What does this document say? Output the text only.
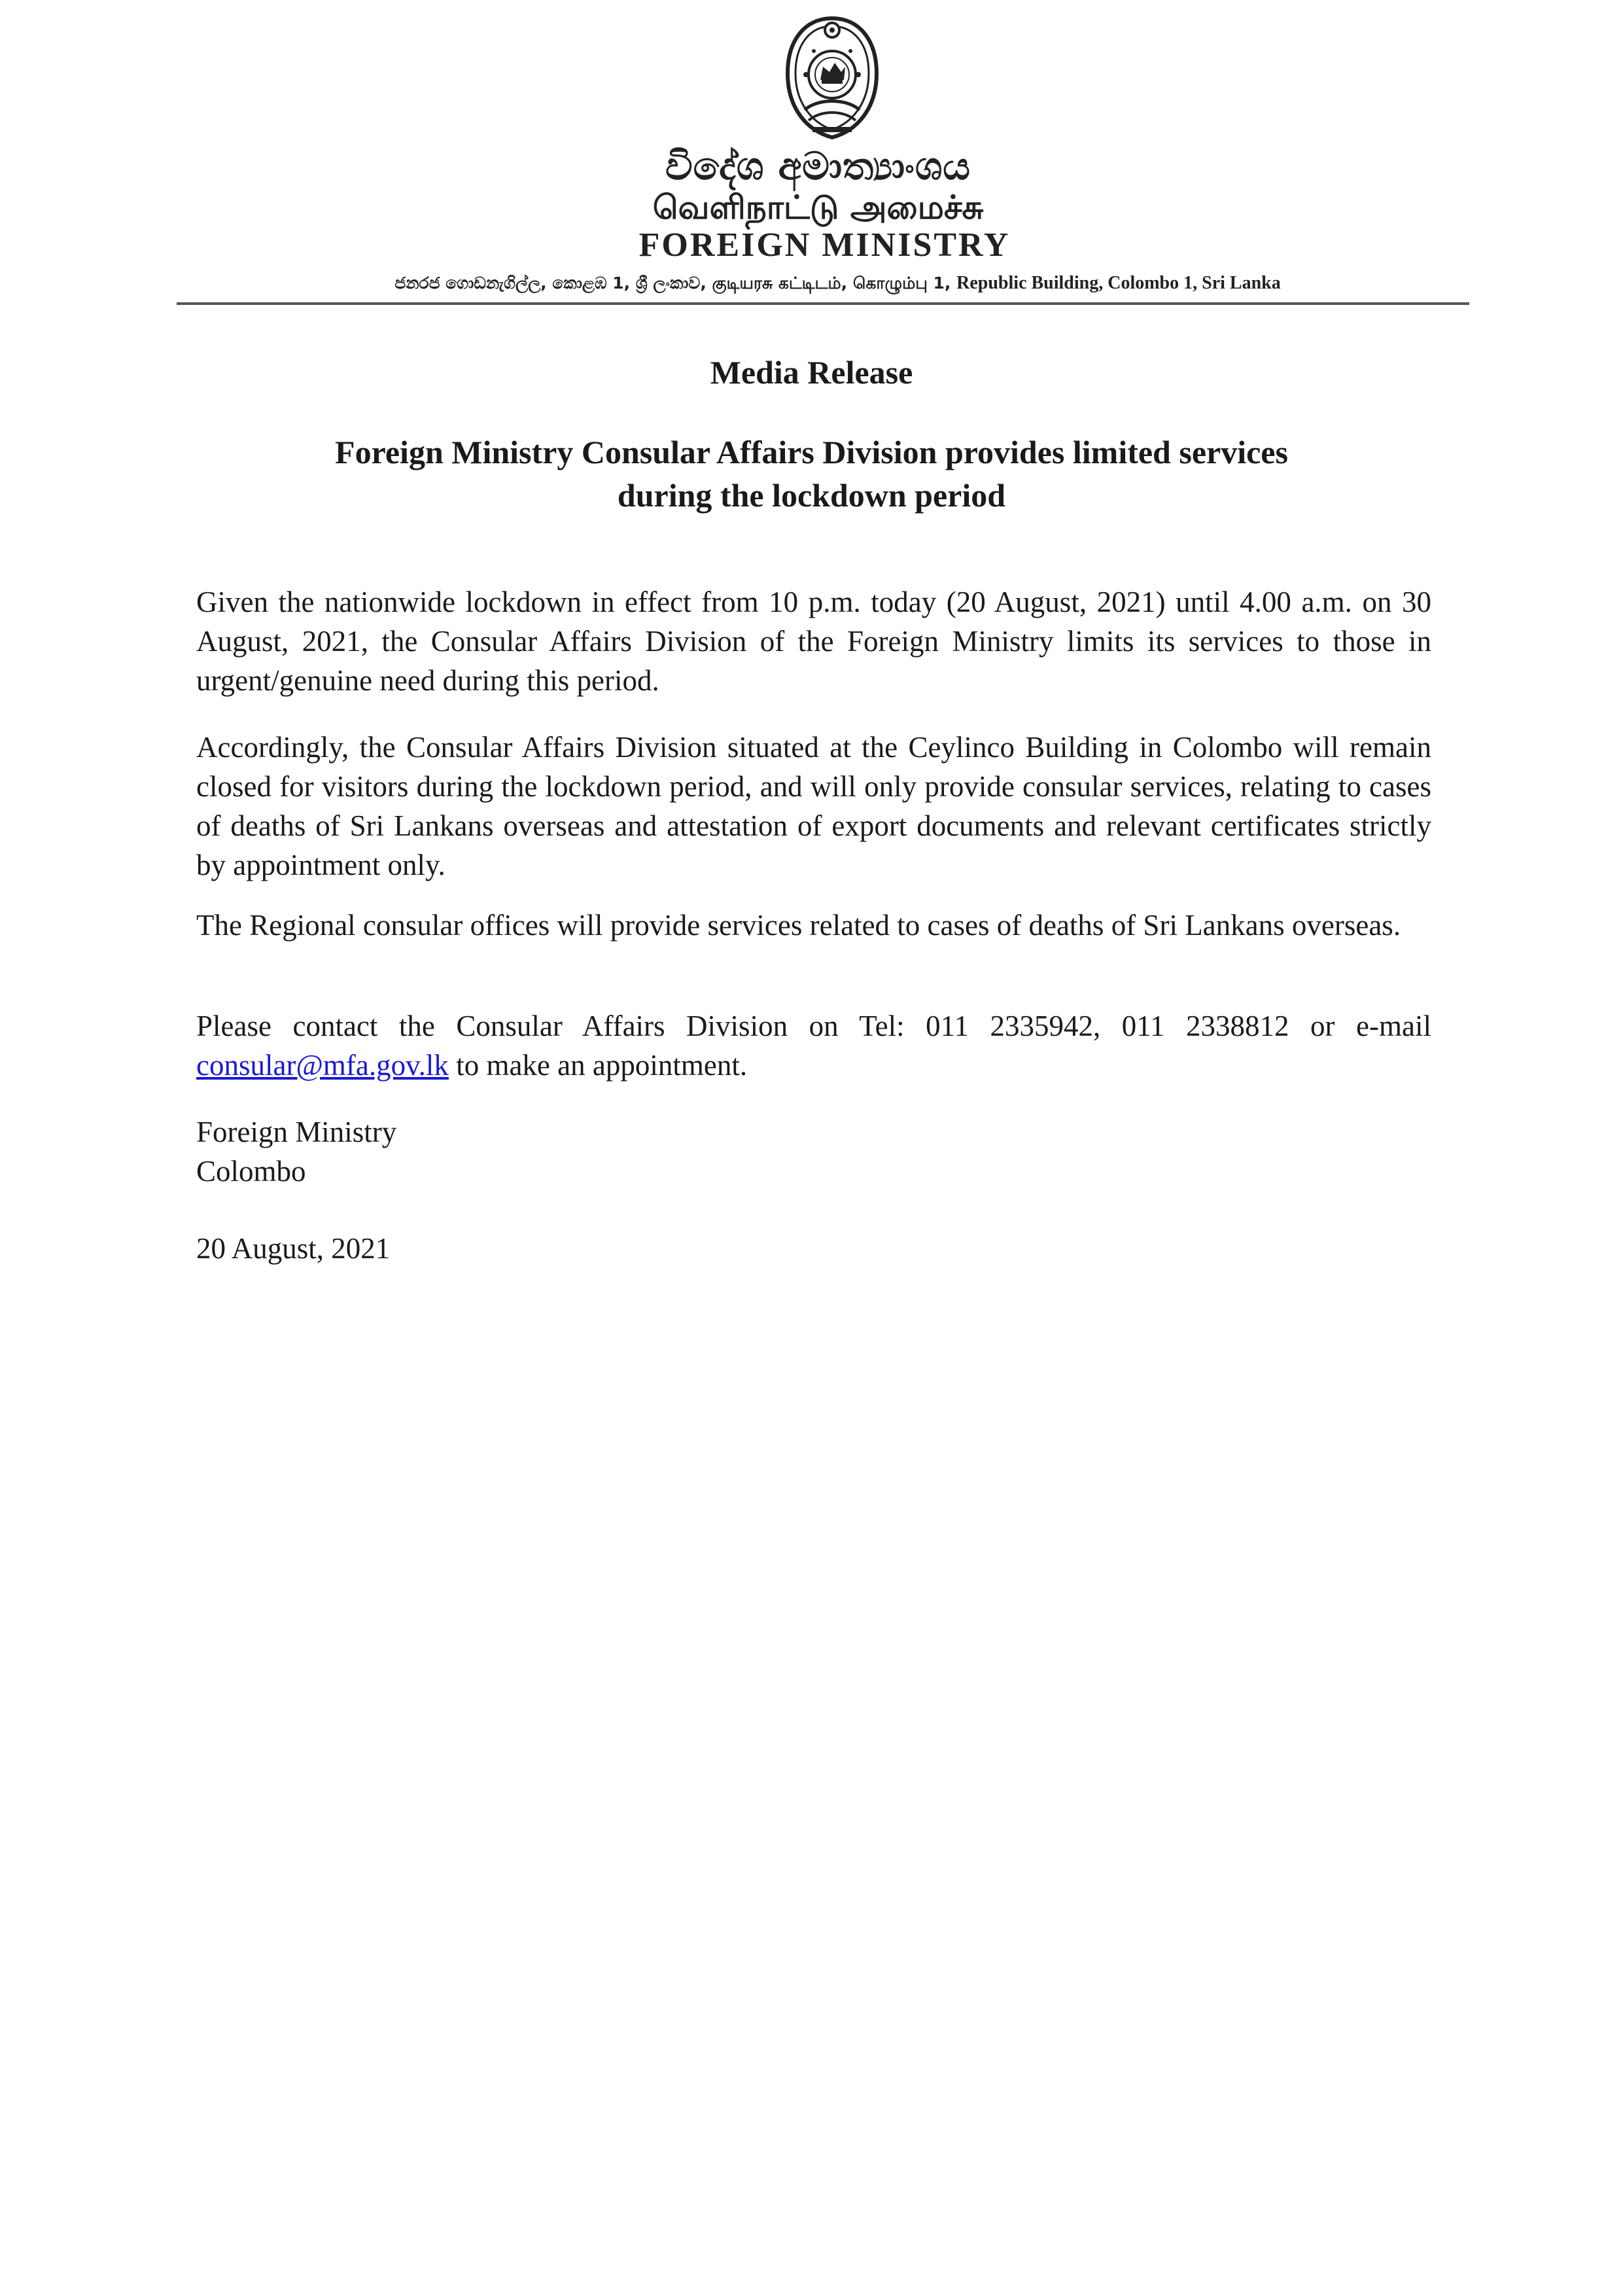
විදේශ අමාත්‍යාංශය
வெளிநாட்டு அமைச்சு
FOREIGN MINISTRY
ජනරජ ගොඩනැගිල්ල, කොළඹ 1, ශ්‍රී ලංකාව, குடியரசு கட்டிடம், கொழும்பு 1, Republic Building, Colombo 1, Sri Lanka
Media Release
Foreign Ministry Consular Affairs Division provides limited services
during the lockdown period

Given the nationwide lockdown in effect from 10 p.m. today (20 August, 2021) until 4.00 a.m. on 30 August, 2021, the Consular Affairs Division of the Foreign Ministry limits its services to those in urgent/genuine need during this period.

Accordingly, the Consular Affairs Division situated at the Ceylinco Building in Colombo will remain closed for visitors during the lockdown period, and will only provide consular services, relating to cases of deaths of Sri Lankans overseas and attestation of export documents and relevant certificates strictly by appointment only.

The Regional consular offices will provide services related to cases of deaths of Sri Lankans overseas.

Please contact the Consular Affairs Division on Tel: 011 2335942, 011 2338812 or e-mail consular@mfa.gov.lk to make an appointment.

Foreign Ministry

Colombo

20 August, 2021
